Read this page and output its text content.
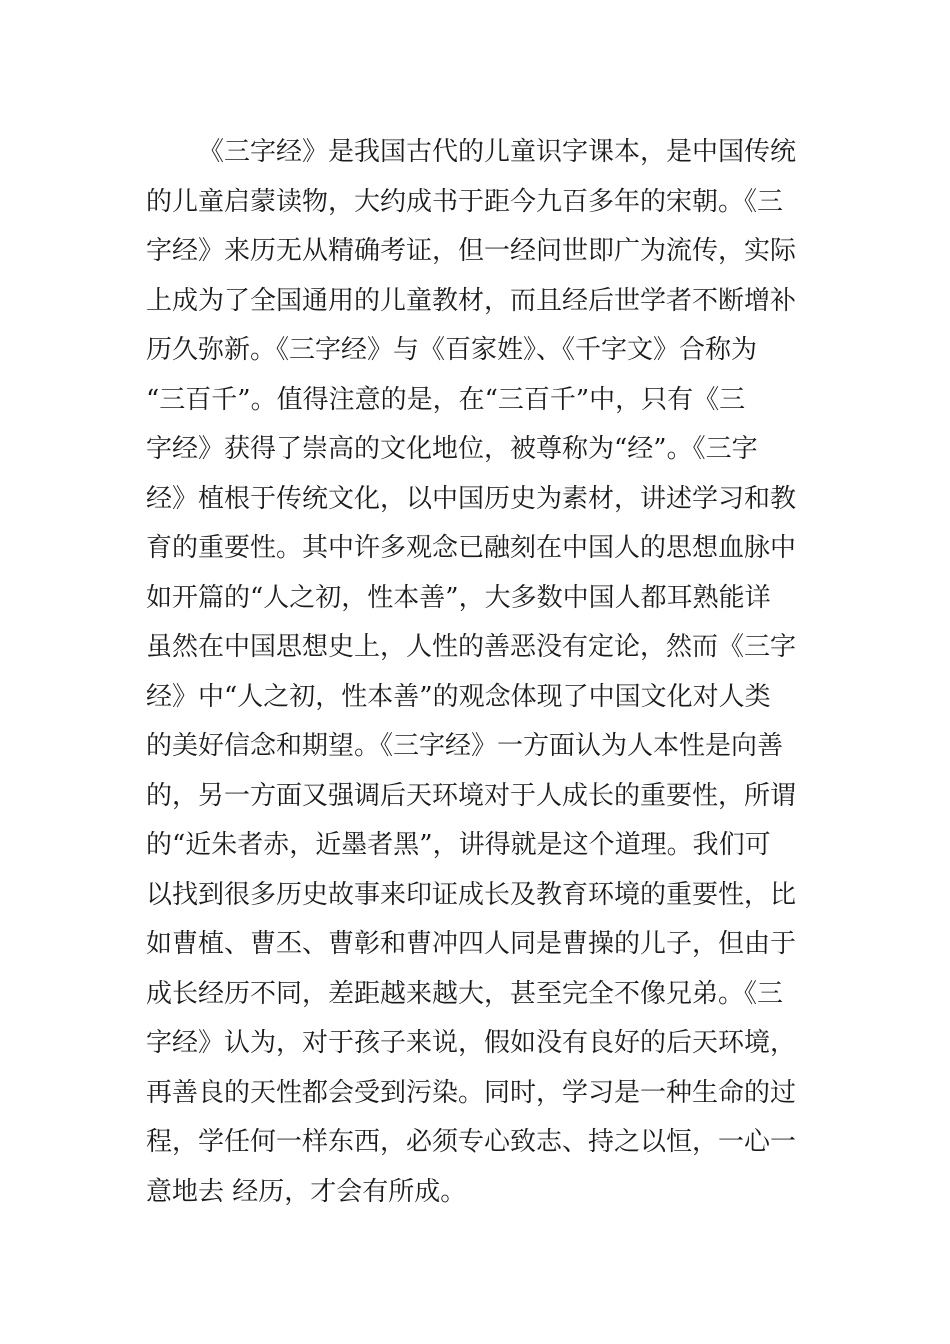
《三字经》是我国古代的儿童识字课本，是中国传统
的儿童启蒙读物，大约成书于距今九百多年的宋朝。《三
字经》来历无从精确考证，但一经问世即广为流传，实际
上成为了全国通用的儿童教材，而且经后世学者不断增补
历久弥新。《三字经》与《百家姓》、《千字文》合称为
“三百千”。值得注意的是，在“三百千”中，只有《三
字经》获得了崇高的文化地位，被尊称为“经”。《三字
经》植根于传统文化，以中国历史为素材，讲述学习和教
育的重要性。其中许多观念已融刻在中国人的思想血脉中
如开篇的“人之初，性本善”，大多数中国人都耳熟能详
虽然在中国思想史上，人性的善恶没有定论，然而《三字
经》中“人之初，性本善”的观念体现了中国文化对人类
的美好信念和期望。《三字经》一方面认为人本性是向善
的，另一方面又强调后天环境对于人成长的重要性，所谓
的“近朱者赤，近墨者黑”，讲得就是这个道理。我们可
以找到很多历史故事来印证成长及教育环境的重要性，比
如曹植、曹丕、曹彰和曹冲四人同是曹操的儿子，但由于
成长经历不同，差距越来越大，甚至完全不像兄弟。《三
字经》认为，对于孩子来说，假如没有良好的后天环境，
再善良的天性都会受到污染。同时，学习是一种生命的过
程，学任何一样东西，必须专心致志、持之以恒，一心一
意地去 经历，才会有所成。
